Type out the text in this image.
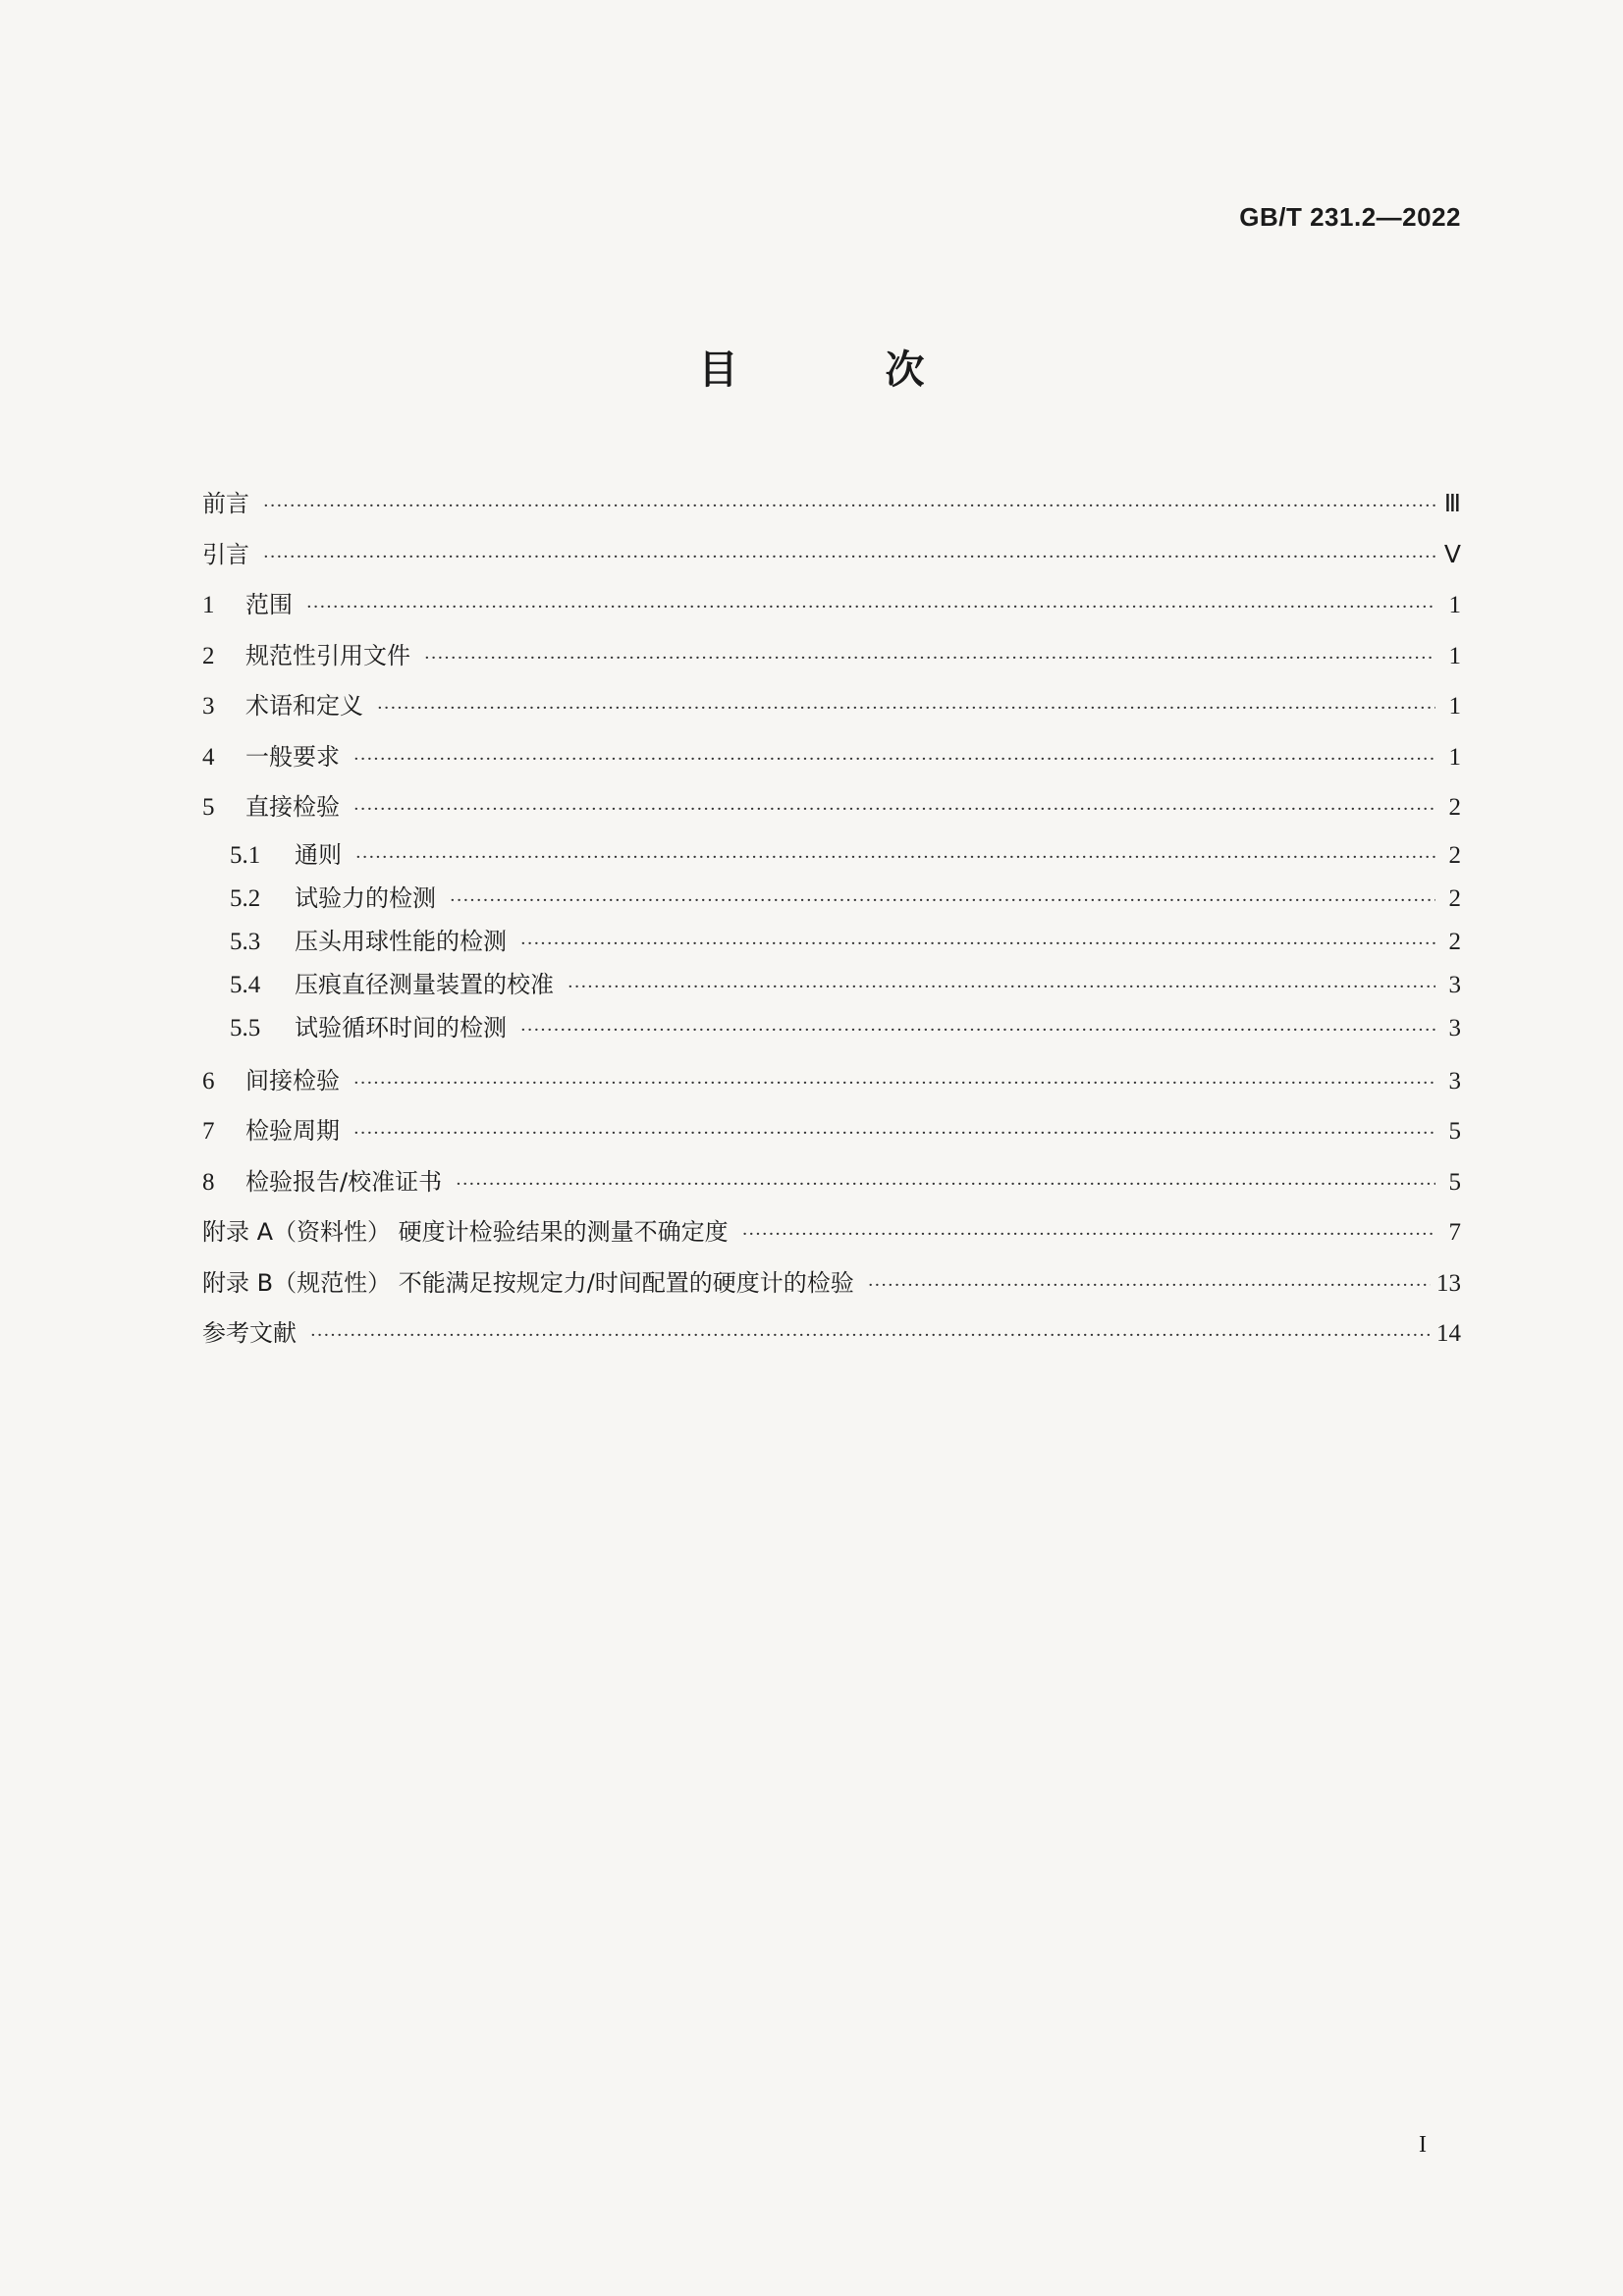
GB/T 231.2—2022
目 次
前言 ·····	Ⅲ
引言 ·····	Ⅴ
1	范围 ·····	1
2	规范性引用文件 ·····	1
3	术语和定义 ·····	1
4	一般要求 ·····	1
5	直接检验 ·····	2
5.1	通则 ·····	2
5.2	试验力的检测 ·····	2
5.3	压头用球性能的检测 ·····	2
5.4	压痕直径测量装置的校准 ·····	3
5.5	试验循环时间的检测 ·····	3
6	间接检验 ·····	3
7	检验周期 ·····	5
8	检验报告/校准证书 ·····	5
附录 A（资料性） 硬度计检验结果的测量不确定度 ·····	7
附录 B（规范性） 不能满足按规定力/时间配置的硬度计的检验 ·····	13
参考文献 ·····	14
I
